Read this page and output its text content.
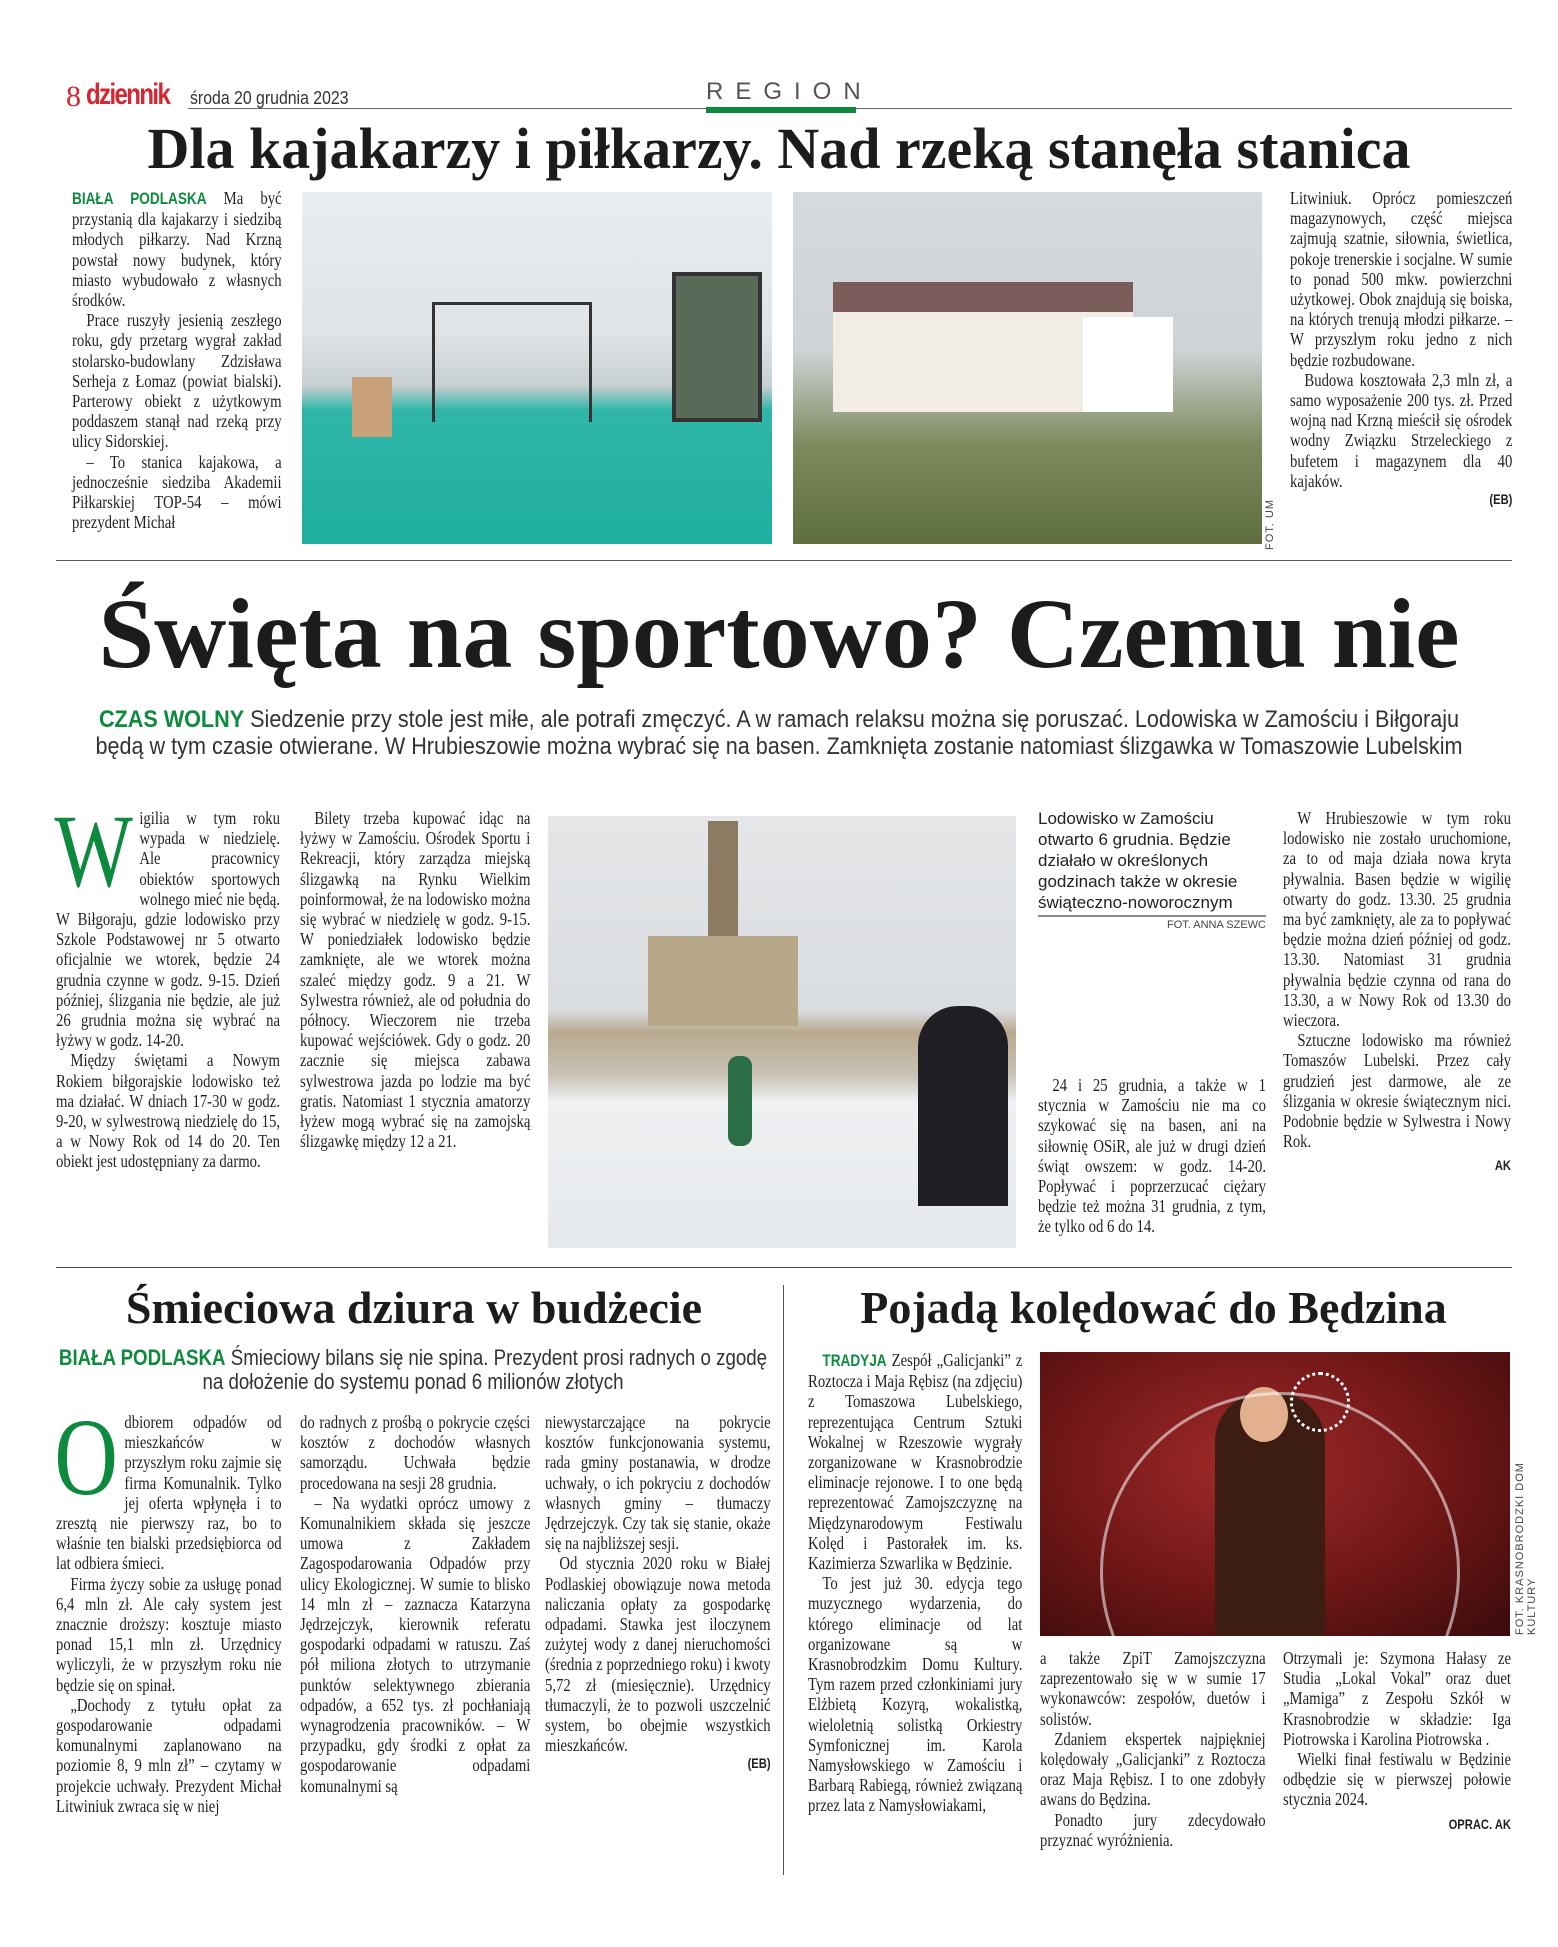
8 dziennik środa 20 grudnia 2023	REGION
Dla kajakarzy i piłkarzy. Nad rzeką stanęła stanica

BIAŁA PODLASKA Ma być przystanią dla kajakarzy i siedzibą młodych piłkarzy. Nad Krzną powstał nowy budynek, który miasto wybudowało z własnych środków.

Prace ruszyły jesienią zeszłego roku, gdy przetarg wygrał zakład stolarsko-budowlany Zdzisława Serheja z Łomaz (powiat bialski). Parterowy obiekt z użytkowym poddaszem stanął nad rzeką przy ulicy Sidorskiej.

– To stanica kajakowa, a jednocześnie siedziba Akademii Piłkarskiej TOP-54 – mówi prezydent Michał	FOT. UM

Litwiniuk. Oprócz pomieszczeń magazynowych, część miejsca zajmują szatnie, siłownia, świetlica, pokoje trenerskie i socjalne. W sumie to ponad 500 mkw. powierzchni użytkowej. Obok znajdują się boiska, na których trenują młodzi piłkarze. – W przyszłym roku jedno z nich będzie rozbudowane.

Budowa kosztowała 2,3 mln zł, a samo wyposażenie 200 tys. zł. Przed wojną nad Krzną mieścił się ośrodek wodny Związku Strzeleckiego z bufetem i magazynem dla 40 kajaków.

(EB)
Święta na sportowo? Czemu nie
CZAS WOLNY Siedzenie przy stole jest miłe, ale potrafi zmęczyć. A w ramach relaksu można się poruszać. Lodowiska w Zamościu i Biłgoraju będą w tym czasie otwierane. W Hrubieszowie można wybrać się na basen. Zamknięta zostanie natomiast ślizgawka w Tomaszowie Lubelskim
W igilia w tym roku wypada w niedzielę. Ale pracownicy obiektów sportowych wolnego mieć nie będą. W Biłgoraju, gdzie lodowisko przy Szkole Podstawowej nr 5 otwarto oficjalnie we wtorek, będzie 24 grudnia czynne w godz. 9-15. Dzień później, ślizgania nie będzie, ale już 26 grudnia można się wybrać na łyżwy w godz. 14-20.

Między świętami a Nowym Rokiem biłgorajskie lodowisko też ma działać. W dniach 17-30 w godz. 9-20, w sylwestrową niedzielę do 15, a w Nowy Rok od 14 do 20. Ten obiekt jest udostępniany za darmo.

Bilety trzeba kupować idąc na łyżwy w Zamościu. Ośrodek Sportu i Rekreacji, który zarządza miejską ślizgawką na Rynku Wielkim poinformował, że na lodowisko można się wybrać w niedzielę w godz. 9-15. W poniedziałek lodowisko będzie zamknięte, ale we wtorek można szaleć między godz. 9 a 21. W Sylwestra również, ale od południa do północy. Wieczorem nie trzeba kupować wejściówek. Gdy o godz. 20 zacznie się miejsca zabawa sylwestrowa jazda po lodzie ma być gratis. Natomiast 1 stycznia amatorzy łyżew mogą wybrać się na zamojską ślizgawkę między 12 a 21.

Lodowisko w Zamościu otwarto 6 grudnia. Będzie działało w określonych godzinach także w okresie świąteczno-noworocznym
FOT. ANNA SZEWC

24 i 25 grudnia, a także w 1 stycznia w Zamościu nie ma co szykować się na basen, ani na siłownię OSiR, ale już w drugi dzień świąt owszem: w godz. 14-20. Popływać i poprzerzucać ciężary będzie też można 31 grudnia, z tym, że tylko od 6 do 14.

W Hrubieszowie w tym roku lodowisko nie zostało uruchomione, za to od maja działa nowa kryta pływalnia. Basen będzie w wigilię otwarty do godz. 13.30. 25 grudnia ma być zamknięty, ale za to popływać będzie można dzień później od godz. 13.30. Natomiast 31 grudnia pływalnia będzie czynna od rana do 13.30, a w Nowy Rok od 13.30 do wieczora.

Sztuczne lodowisko ma również Tomaszów Lubelski. Przez cały grudzień jest darmowe, ale ze ślizgania w okresie świątecznym nici. Podobnie będzie w Sylwestra i Nowy Rok.

AK
Śmieciowa dziura w budżecie
BIAŁA PODLASKA Śmieciowy bilans się nie spina. Prezydent prosi radnych o zgodę na dołożenie do systemu ponad 6 milionów złotych
O dbiorem odpadów od mieszkańców w przyszłym roku zajmie się firma Komunalnik. Tylko jej oferta wpłynęła i to zresztą nie pierwszy raz, bo to właśnie ten bialski przedsiębiorca od lat odbiera śmieci.

Firma życzy sobie za usługę ponad 6,4 mln zł. Ale cały system jest znacznie droższy: kosztuje miasto ponad 15,1 mln zł. Urzędnicy wyliczyli, że w przyszłym roku nie będzie się on spinał.

„Dochody z tytułu opłat za gospodarowanie odpadami komunalnymi zaplanowano na poziomie 8, 9 mln zł” – czytamy w projekcie uchwały. Prezydent Michał Litwiniuk zwraca się w niej

do radnych z prośbą o pokrycie części kosztów z dochodów własnych samorządu. Uchwała będzie procedowana na sesji 28 grudnia.

– Na wydatki oprócz umowy z Komunalnikiem składa się jeszcze umowa z Zakładem Zagospodarowania Odpadów przy ulicy Ekologicznej. W sumie to blisko 14 mln zł – zaznacza Katarzyna Jędrzejczyk, kierownik referatu gospodarki odpadami w ratuszu. Zaś pół miliona złotych to utrzymanie punktów selektywnego zbierania odpadów, a 652 tys. zł pochłaniają wynagrodzenia pracowników. – W przypadku, gdy środki z opłat za gospodarowanie odpadami komunalnymi są

niewystarczające na pokrycie kosztów funkcjonowania systemu, rada gminy postanawia, w drodze uchwały, o ich pokryciu z dochodów własnych gminy – tłumaczy Jędrzejczyk. Czy tak się stanie, okaże się na najbliższej sesji.

Od stycznia 2020 roku w Białej Podlaskiej obowiązuje nowa metoda naliczania opłaty za gospodarkę odpadami. Stawka jest iloczynem zużytej wody z danej nieruchomości (średnia z poprzedniego roku) i kwoty 5,72 zł (miesięcznie). Urzędnicy tłumaczyli, że to pozwoli uszczelnić system, bo obejmie wszystkich mieszkańców.

(EB)
Pojadą kolędować do Będzina

TRADYJA Zespół „Galicjanki” z Roztocza i Maja Rębisz (na zdjęciu) z Tomaszowa Lubelskiego, reprezentująca Centrum Sztuki Wokalnej w Rzeszowie wygrały zorganizowane w Krasnobrodzie eliminacje rejonowe. I to one będą reprezentować Zamojszczyznę na Międzynarodowym Festiwalu Kolęd i Pastorałek im. ks. Kazimierza Szwarlika w Będzinie.

To jest już 30. edycja tego muzycznego wydarzenia, do którego eliminacje od lat organizowane są w Krasnobrodzkim Domu Kultury. Tym razem przed członkiniami jury Elżbietą Kozyrą, wokalistką, wieloletnią solistką Orkiestry Symfonicznej im. Karola Namysłowskiego w Zamościu i Barbarą Rabiegą, również związaną przez lata z Namysłowiakami,

FOT. KRASNOBRODZKI DOM KULTURY

a także ZpiT Zamojszczyzna zaprezentowało się w w sumie 17 wykonawców: zespołów, duetów i solistów.

Zdaniem ekspertek najpiękniej kolędowały „Galicjanki” z Roztocza oraz Maja Rębisz. I to one zdobyły awans do Będzina.

Ponadto jury zdecydowało przyznać wyróżnienia.

Otrzymali je: Szymona Hałasy ze Studia „Lokal Vokal” oraz duet „Mamiga” z Zespołu Szkół w Krasnobrodzie w składzie: Iga Piotrowska i Karolina Piotrowska .

Wielki finał festiwalu w Będzinie odbędzie się w pierwszej połowie stycznia 2024.

OPRAC. AK
